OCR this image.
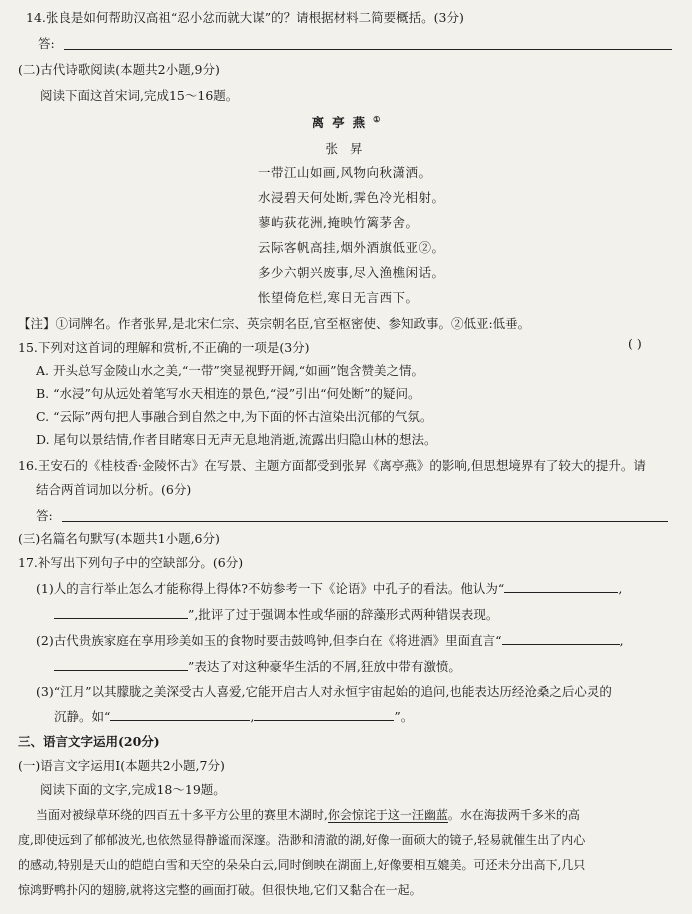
14.张良是如何帮助汉高祖“忍小忿而就大谋”的？请根据材料二简要概括。(3分)
答:
(二)古代诗歌阅读(本题共2小题,9分)
阅读下面这首宋词,完成15～16题。
离亭燕①
张 昇
一带江山如画,风物向秋潇洒。
水浸碧天何处断,霁色冷光相射。
蓼屿荻花洲,掩映竹篱茅舍。
云际客帆高挂,烟外酒旗低亚②。
多少六朝兴废事,尽入渔樵闲话。
怅望倚危栏,寒日无言西下。
【注】①词牌名。作者张昇,是北宋仁宗、英宗朝名臣,官至枢密使、参知政事。②低亚:低垂。
15.下列对这首词的理解和赏析,不正确的一项是(3分)	( )
A. 开头总写金陵山水之美,“一带”突显视野开阔,“如画”饱含赞美之情。
B. “水浸”句从远处着笔写水天相连的景色,“浸”引出“何处断”的疑问。
C. “云际”两句把人事融合到自然之中,为下面的怀古渲染出沉郁的气氛。
D. 尾句以景结情,作者目睹寒日无声无息地消逝,流露出归隐山林的想法。
16.王安石的《桂枝香·金陵怀古》在写景、主题方面都受到张昇《离亭燕》的影响,但思想境界有了较大的提升。请
结合两首词加以分析。(6分)
答:
(三)名篇名句默写(本题共1小题,6分)
17.补写出下列句子中的空缺部分。(6分)
(1)人的言行举止怎么才能称得上得体?不妨参考一下《论语》中孔子的看法。他认为“	,
”,批评了过于强调本性或华丽的辞藻形式两种错误表现。
(2)古代贵族家庭在享用珍美如玉的食物时要击鼓鸣钟,但李白在《将进酒》里面直言“	,
”表达了对这种豪华生活的不屑,狂放中带有激愤。
(3)“江月”以其朦胧之美深受古人喜爱,它能开启古人对永恒宇宙起始的追问,也能表达历经沧桑之后心灵的
沉静。如“	,	”。
三、语言文字运用(20分)
(一)语言文字运用Ⅰ(本题共2小题,7分)
阅读下面的文字,完成18～19题。
当面对被绿草环绕的四百五十多平方公里的赛里木湖时,你会惊诧于这一汪幽蓝。水在海拔两千多米的高
度,即使远到了郁郁波光,也依然显得静谧而深邃。浩渺和清澈的湖,好像一面硕大的镜子,轻易就催生出了内心
的感动,特别是天山的皑皑白雪和天空的朵朵白云,同时倒映在湖面上,好像要相互媲美。可还未分出高下,几只
惊鸿野鸭扑闪的翅膀,就将这完整的画面打破。但很快地,它们又黏合在一起。
